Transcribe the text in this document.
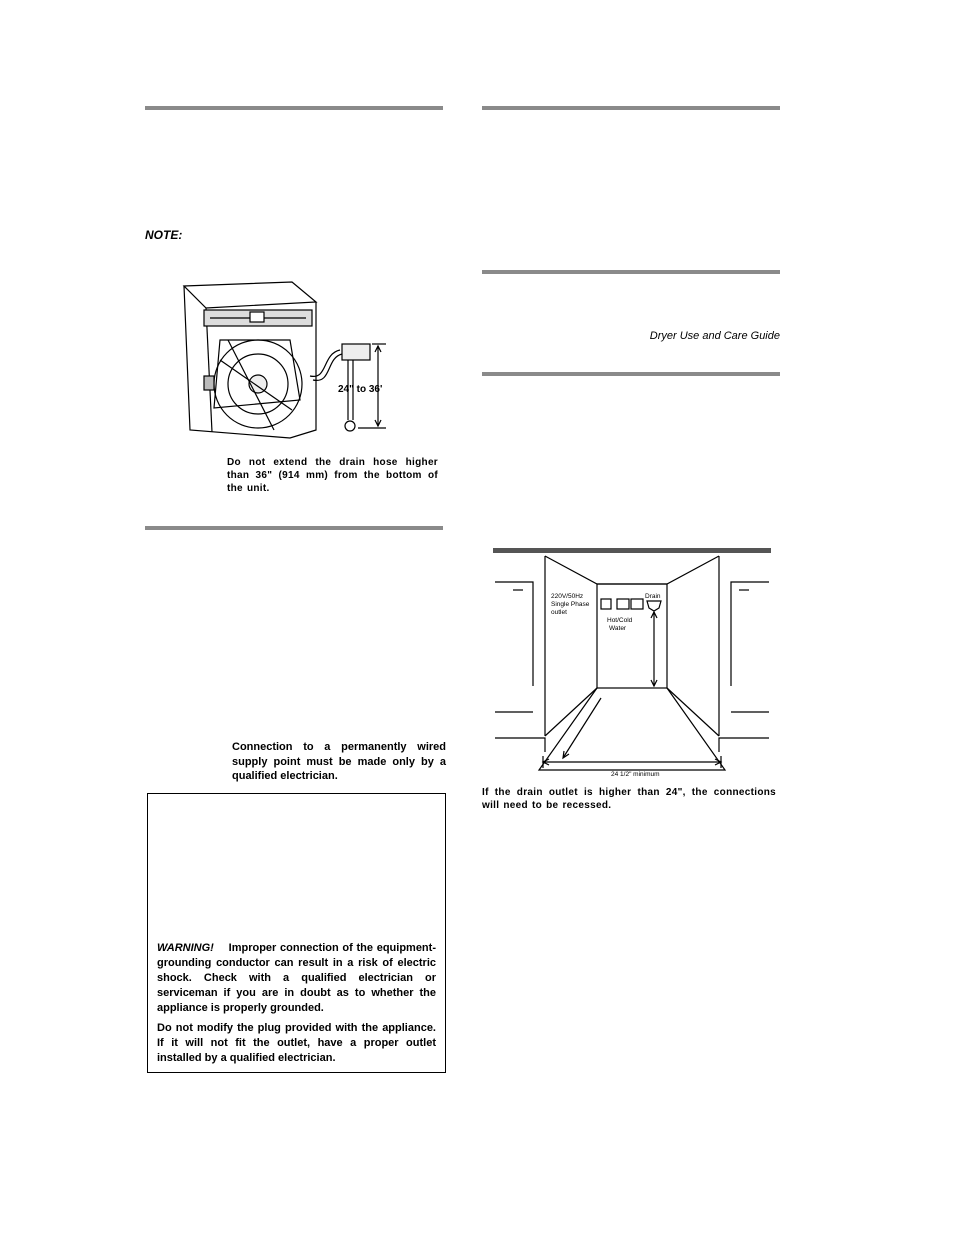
NOTE:
24" to 36'
Do not extend the drain hose higher than 36" (914 mm) from the bottom of the unit.
Connection to a permanently wired supply point must be made only by a qualified electrician.

WARNING! Improper connection of the equipment-grounding conductor can result in a risk of electric shock. Check with a qualified electrician or serviceman if you are in doubt as to whether the appliance is properly grounded.

Do not modify the plug provided with the appliance. If it will not fit the outlet, have a proper outlet installed by a qualified electrician.

Dryer Use and Care Guide
220V/50Hz
Single Phase
outlet
Drain
Hot/Cold
Water
24 1/2" minimum
If the drain outlet is higher than 24", the connections will need to be recessed.
